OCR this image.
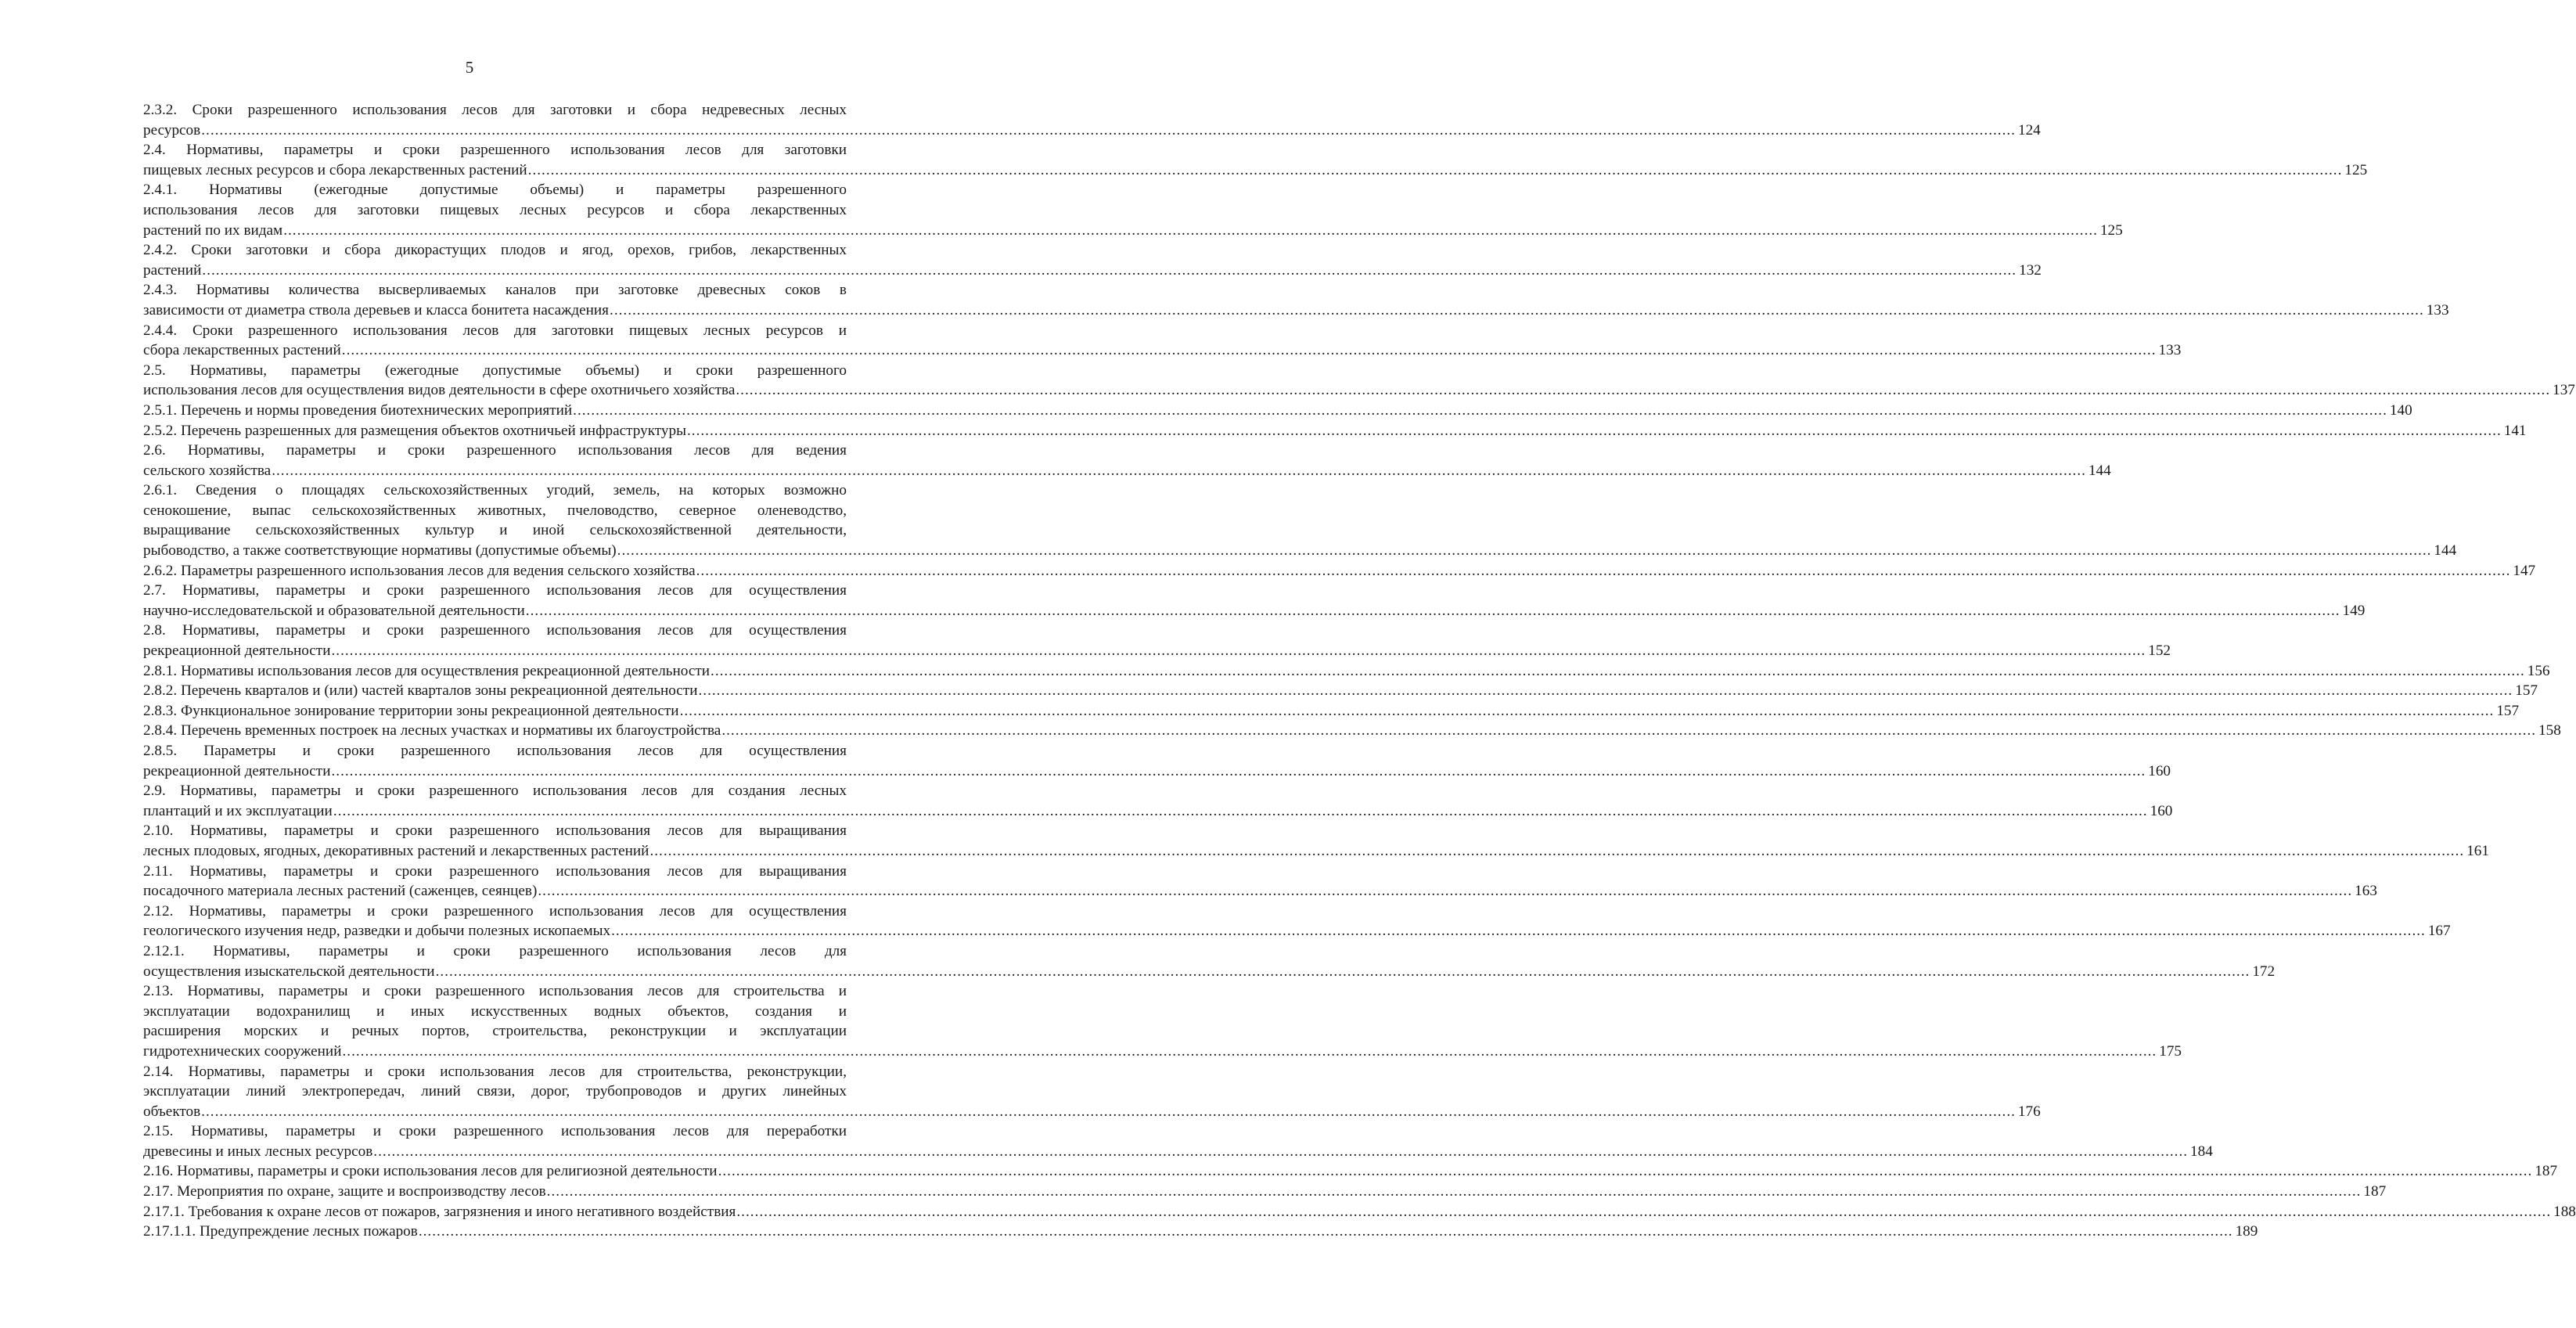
5
2.3.2. Сроки разрешенного использования лесов для заготовки и сбора недревесных лесных
ресурсов ................................................................................................................................................................................................................................................................................................................................................................................................................ 124
2.4. Нормативы, параметры и сроки разрешенного использования лесов для заготовки
пищевых лесных ресурсов и сбора лекарственных растений ................................................................................................................................................................................................................................................................................................................................................................................................................ 125
2.4.1. Нормативы (ежегодные допустимые объемы) и параметры разрешенного
использования лесов для заготовки пищевых лесных ресурсов и сбора лекарственных
растений по их видам ................................................................................................................................................................................................................................................................................................................................................................................................................ 125
2.4.2. Сроки заготовки и сбора дикорастущих плодов и ягод, орехов, грибов, лекарственных
растений ................................................................................................................................................................................................................................................................................................................................................................................................................ 132
2.4.3. Нормативы количества высверливаемых каналов при заготовке древесных соков в
зависимости от диаметра ствола деревьев и класса бонитета насаждения ................................................................................................................................................................................................................................................................................................................................................................................................................ 133
2.4.4. Сроки разрешенного использования лесов для заготовки пищевых лесных ресурсов и
сбора лекарственных растений ................................................................................................................................................................................................................................................................................................................................................................................................................ 133
2.5. Нормативы, параметры (ежегодные допустимые объемы) и сроки разрешенного
использования лесов для осуществления видов деятельности в сфере охотничьего хозяйства ................................................................................................................................................................................................................................................................................................................................................................................................................ 137
2.5.1. Перечень и нормы проведения биотехнических мероприятий ................................................................................................................................................................................................................................................................................................................................................................................................................ 140
2.5.2. Перечень разрешенных для размещения объектов охотничьей инфраструктуры ................................................................................................................................................................................................................................................................................................................................................................................................................ 141
2.6. Нормативы, параметры и сроки разрешенного использования лесов для ведения
сельского хозяйства ................................................................................................................................................................................................................................................................................................................................................................................................................ 144
2.6.1. Сведения о площадях сельскохозяйственных угодий, земель, на которых возможно
сенокошение, выпас сельскохозяйственных животных, пчеловодство, северное оленеводство,
выращивание сельскохозяйственных культур и иной сельскохозяйственной деятельности,
рыбоводство, а также соответствующие нормативы (допустимые объемы) ................................................................................................................................................................................................................................................................................................................................................................................................................ 144
2.6.2. Параметры разрешенного использования лесов для ведения сельского хозяйства ................................................................................................................................................................................................................................................................................................................................................................................................................ 147
2.7. Нормативы, параметры и сроки разрешенного использования лесов для осуществления
научно-исследовательской и образовательной деятельности ................................................................................................................................................................................................................................................................................................................................................................................................................ 149
2.8. Нормативы, параметры и сроки разрешенного использования лесов для осуществления
рекреационной деятельности ................................................................................................................................................................................................................................................................................................................................................................................................................ 152
2.8.1. Нормативы использования лесов для осуществления рекреационной деятельности ................................................................................................................................................................................................................................................................................................................................................................................................................ 156
2.8.2. Перечень кварталов и (или) частей кварталов зоны рекреационной деятельности ................................................................................................................................................................................................................................................................................................................................................................................................................ 157
2.8.3. Функциональное зонирование территории зоны рекреационной деятельности ................................................................................................................................................................................................................................................................................................................................................................................................................ 157
2.8.4. Перечень временных построек на лесных участках и нормативы их благоустройства ................................................................................................................................................................................................................................................................................................................................................................................................................ 158
2.8.5. Параметры и сроки разрешенного использования лесов для осуществления
рекреационной деятельности ................................................................................................................................................................................................................................................................................................................................................................................................................ 160
2.9. Нормативы, параметры и сроки разрешенного использования лесов для создания лесных
плантаций и их эксплуатации ................................................................................................................................................................................................................................................................................................................................................................................................................ 160
2.10. Нормативы, параметры и сроки разрешенного использования лесов для выращивания
лесных плодовых, ягодных, декоративных растений и лекарственных растений ................................................................................................................................................................................................................................................................................................................................................................................................................ 161
2.11. Нормативы, параметры и сроки разрешенного использования лесов для выращивания
посадочного материала лесных растений (саженцев, сеянцев) ................................................................................................................................................................................................................................................................................................................................................................................................................ 163
2.12. Нормативы, параметры и сроки разрешенного использования лесов для осуществления
геологического изучения недр, разведки и добычи полезных ископаемых ................................................................................................................................................................................................................................................................................................................................................................................................................ 167
2.12.1. Нормативы, параметры и сроки разрешенного использования лесов для
осуществления изыскательской деятельности ................................................................................................................................................................................................................................................................................................................................................................................................................ 172
2.13. Нормативы, параметры и сроки разрешенного использования лесов для строительства и
эксплуатации водохранилищ и иных искусственных водных объектов, создания и
расширения морских и речных портов, строительства, реконструкции и эксплуатации
гидротехнических сооружений ................................................................................................................................................................................................................................................................................................................................................................................................................ 175
2.14. Нормативы, параметры и сроки использования лесов для строительства, реконструкции,
эксплуатации линий электропередач, линий связи, дорог, трубопроводов и других линейных
объектов ................................................................................................................................................................................................................................................................................................................................................................................................................ 176
2.15. Нормативы, параметры и сроки разрешенного использования лесов для переработки
древесины и иных лесных ресурсов ................................................................................................................................................................................................................................................................................................................................................................................................................ 184
2.16. Нормативы, параметры и сроки использования лесов для религиозной деятельности ................................................................................................................................................................................................................................................................................................................................................................................................................ 187
2.17. Мероприятия по охране, защите и воспроизводству лесов ................................................................................................................................................................................................................................................................................................................................................................................................................ 187
2.17.1. Требования к охране лесов от пожаров, загрязнения и иного негативного воздействия ................................................................................................................................................................................................................................................................................................................................................................................................................ 188
2.17.1.1. Предупреждение лесных пожаров ................................................................................................................................................................................................................................................................................................................................................................................................................ 189
